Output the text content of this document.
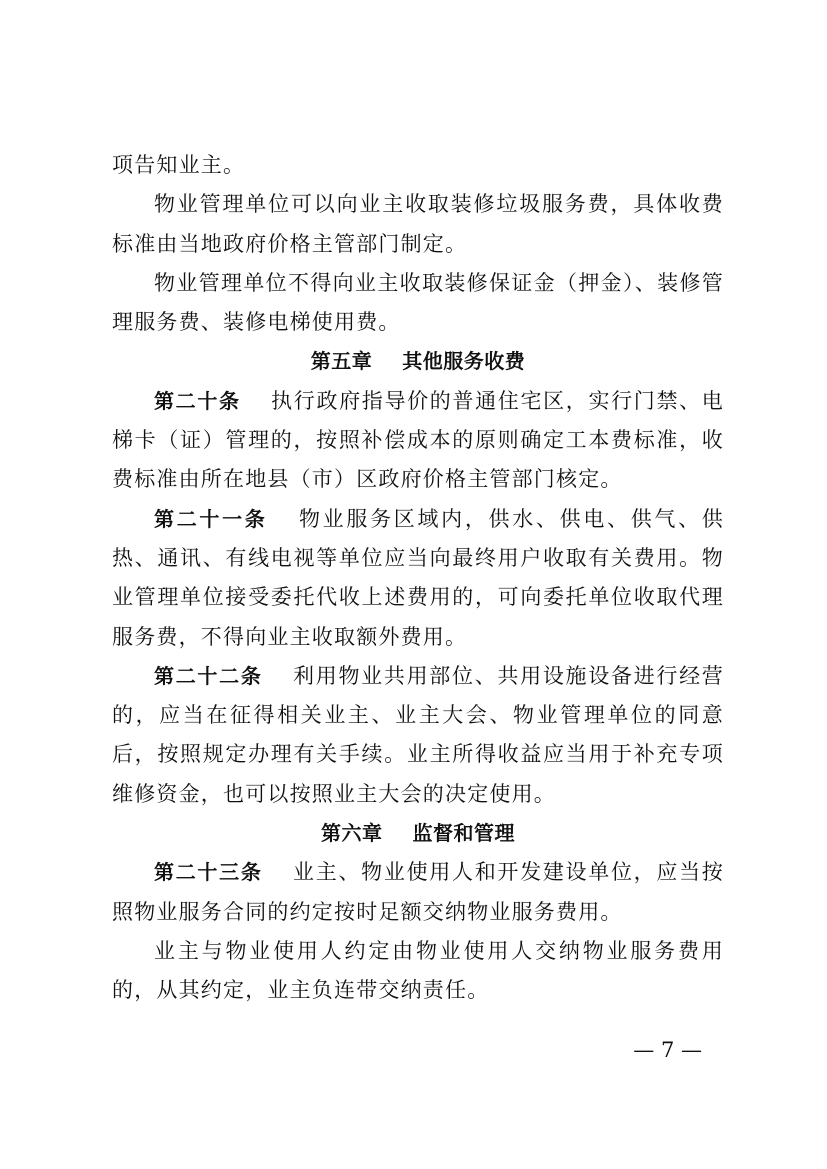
项告知业主。

物业管理单位可以向业主收取装修垃圾服务费，具体收费标准由当地政府价格主管部门制定。

物业管理单位不得向业主收取装修保证金（押金）、装修管理服务费、装修电梯使用费。

第五章 其他服务收费

第二十条 执行政府指导价的普通住宅区，实行门禁、电梯卡（证）管理的，按照补偿成本的原则确定工本费标准，收费标准由所在地县（市）区政府价格主管部门核定。

第二十一条 物业服务区域内，供水、供电、供气、供热、通讯、有线电视等单位应当向最终用户收取有关费用。物业管理单位接受委托代收上述费用的，可向委托单位收取代理服务费，不得向业主收取额外费用。

第二十二条 利用物业共用部位、共用设施设备进行经营的，应当在征得相关业主、业主大会、物业管理单位的同意后，按照规定办理有关手续。业主所得收益应当用于补充专项维修资金，也可以按照业主大会的决定使用。

第六章 监督和管理

第二十三条 业主、物业使用人和开发建设单位，应当按照物业服务合同的约定按时足额交纳物业服务费用。

业主与物业使用人约定由物业使用人交纳物业服务费用的，从其约定，业主负连带交纳责任。

— 7 —
